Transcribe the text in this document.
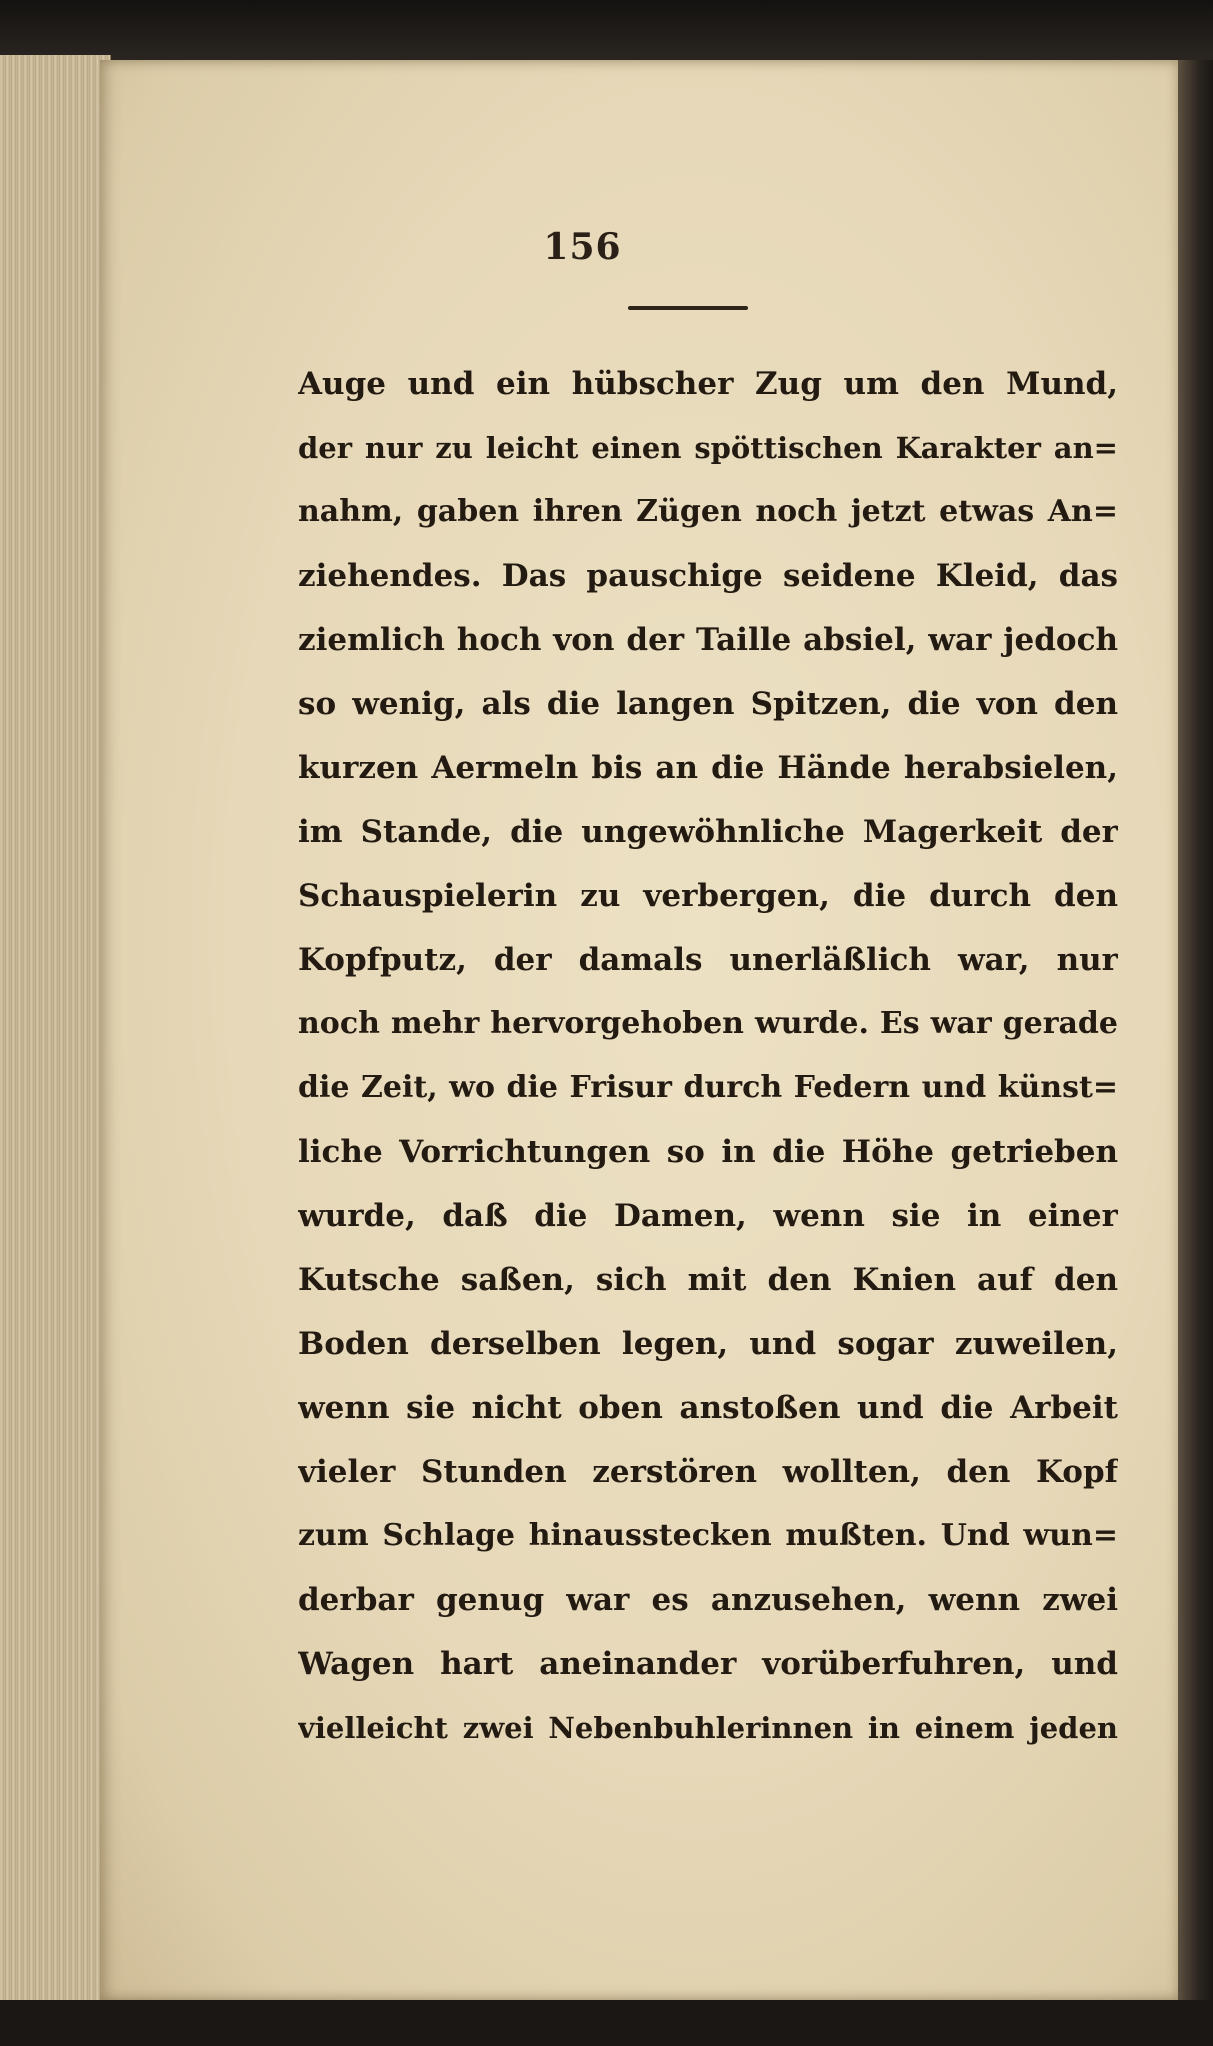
156
Auge und ein hübscher Zug um den Mund,
der nur zu leicht einen spöttischen Karakter an=
nahm, gaben ihren Zügen noch jetzt etwas An=
ziehendes. Das pauschige seidene Kleid, das
ziemlich hoch von der Taille absiel, war jedoch
so wenig, als die langen Spitzen, die von den
kurzen Aermeln bis an die Hände herabsielen,
im Stande, die ungewöhnliche Magerkeit der
Schauspielerin zu verbergen, die durch den
Kopfputz, der damals unerläßlich war, nur
noch mehr hervorgehoben wurde. Es war gerade
die Zeit, wo die Frisur durch Federn und künst=
liche Vorrichtungen so in die Höhe getrieben
wurde, daß die Damen, wenn sie in einer
Kutsche saßen, sich mit den Knien auf den
Boden derselben legen, und sogar zuweilen,
wenn sie nicht oben anstoßen und die Arbeit
vieler Stunden zerstören wollten, den Kopf
zum Schlage hinausstecken mußten. Und wun=
derbar genug war es anzusehen, wenn zwei
Wagen hart aneinander vorüberfuhren, und
vielleicht zwei Nebenbuhlerinnen in einem jeden
